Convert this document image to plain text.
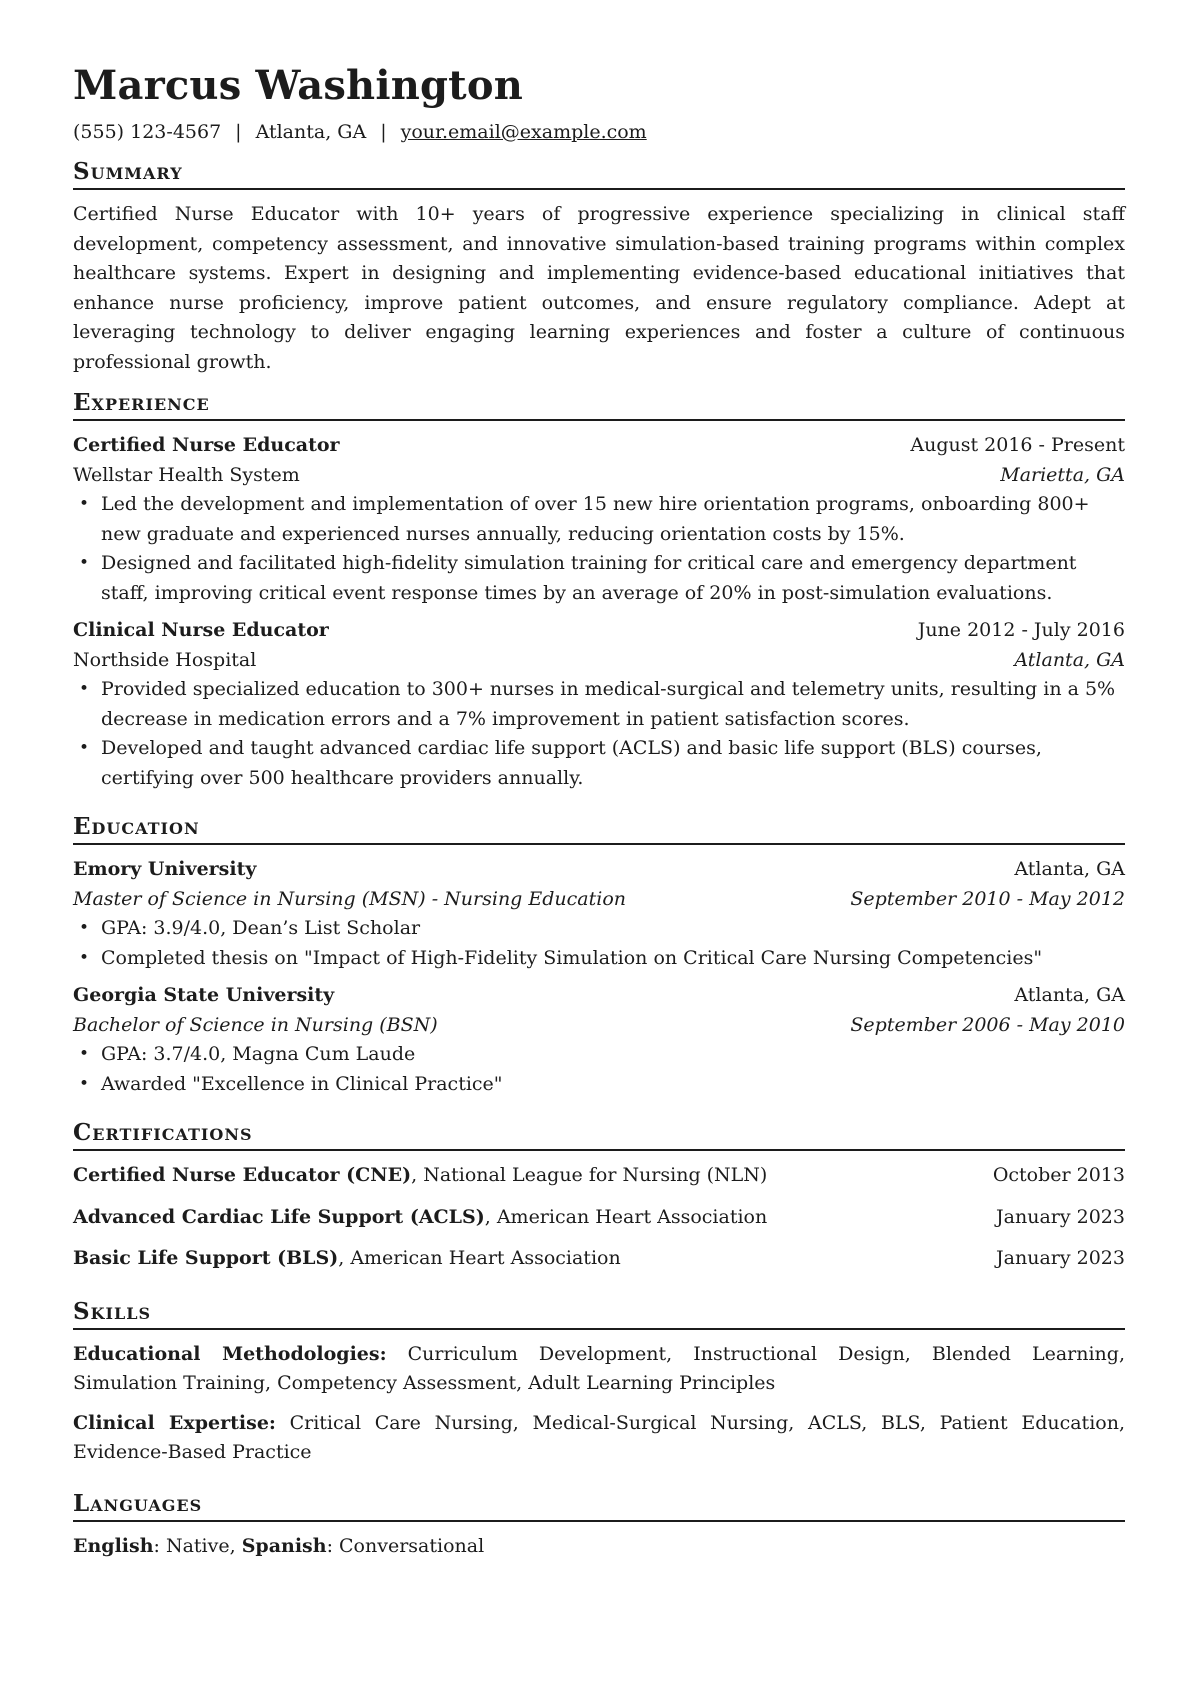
Marcus Washington
(555) 123-4567 | Atlanta, GA | your.email@example.com
Summary

Certified Nurse Educator with 10+ years of progressive experience specializing in clinical staff development, competency assessment, and innovative simulation-based training programs within complex healthcare systems. Expert in designing and implementing evidence-based educational initiatives that enhance nurse proficiency, improve patient outcomes, and ensure regulatory compliance. Adept at leveraging technology to deliver engaging learning experiences and foster a culture of continuous professional growth.

Experience
Certified Nurse Educator	August 2016 - Present
Wellstar Health System	Marietta, GA
• Led the development and implementation of over 15 new hire orientation programs, onboarding 800+ new graduate and experienced nurses annually, reducing orientation costs by 15%.
• Designed and facilitated high-fidelity simulation training for critical care and emergency department staff, improving critical event response times by an average of 20% in post-simulation evaluations.
Clinical Nurse Educator	June 2012 - July 2016
Northside Hospital	Atlanta, GA
• Provided specialized education to 300+ nurses in medical-surgical and telemetry units, resulting in a 5% decrease in medication errors and a 7% improvement in patient satisfaction scores.
• Developed and taught advanced cardiac life support (ACLS) and basic life support (BLS) courses, certifying over 500 healthcare providers annually.
Education
Emory University	Atlanta, GA
Master of Science in Nursing (MSN) - Nursing Education	September 2010 - May 2012
• GPA: 3.9/4.0, Dean’s List Scholar
• Completed thesis on "Impact of High-Fidelity Simulation on Critical Care Nursing Competencies"
Georgia State University	Atlanta, GA
Bachelor of Science in Nursing (BSN)	September 2006 - May 2010
• GPA: 3.7/4.0, Magna Cum Laude
• Awarded "Excellence in Clinical Practice"
Certifications
Certified Nurse Educator (CNE), National League for Nursing (NLN)	October 2013
Advanced Cardiac Life Support (ACLS), American Heart Association	January 2023
Basic Life Support (BLS), American Heart Association	January 2023
Skills
Educational Methodologies: Curriculum Development, Instructional Design, Blended Learning, Simulation Training, Competency Assessment, Adult Learning Principles
Clinical Expertise: Critical Care Nursing, Medical-Surgical Nursing, ACLS, BLS, Patient Education, Evidence-Based Practice
Languages
English: Native, Spanish: Conversational
